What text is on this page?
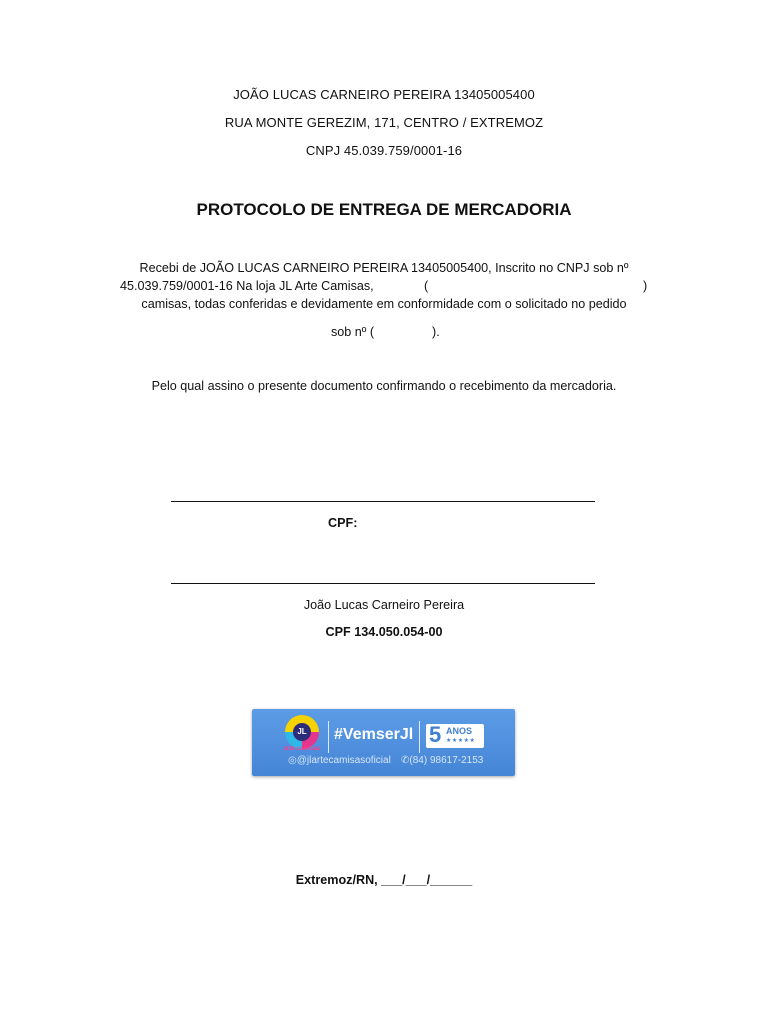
JOÃO LUCAS CARNEIRO PEREIRA 13405005400
RUA MONTE GEREZIM, 171, CENTRO / EXTREMOZ
CNPJ 45.039.759/0001-16
PROTOCOLO DE ENTREGA DE MERCADORIA
Recebi de JOÃO LUCAS CARNEIRO PEREIRA 13405005400, Inscrito no CNPJ sob nº
45.039.759/0001-16 Na loja JL Arte Camisas,	(	)
camisas, todas conferidas e devidamente em conformidade com o solicitado no pedido
sob nº (	).
Pelo qual assino o presente documento confirmando o recebimento da mercadoria.
CPF:
João Lucas Carneiro Pereira
CPF 134.050.054-00
JL
arte camisas
#VemserJl 5 ANOS
★★★★★
◎@jlartecamisasoficial ✆(84) 98617-2153
Extremoz/RN, ___/___/______
